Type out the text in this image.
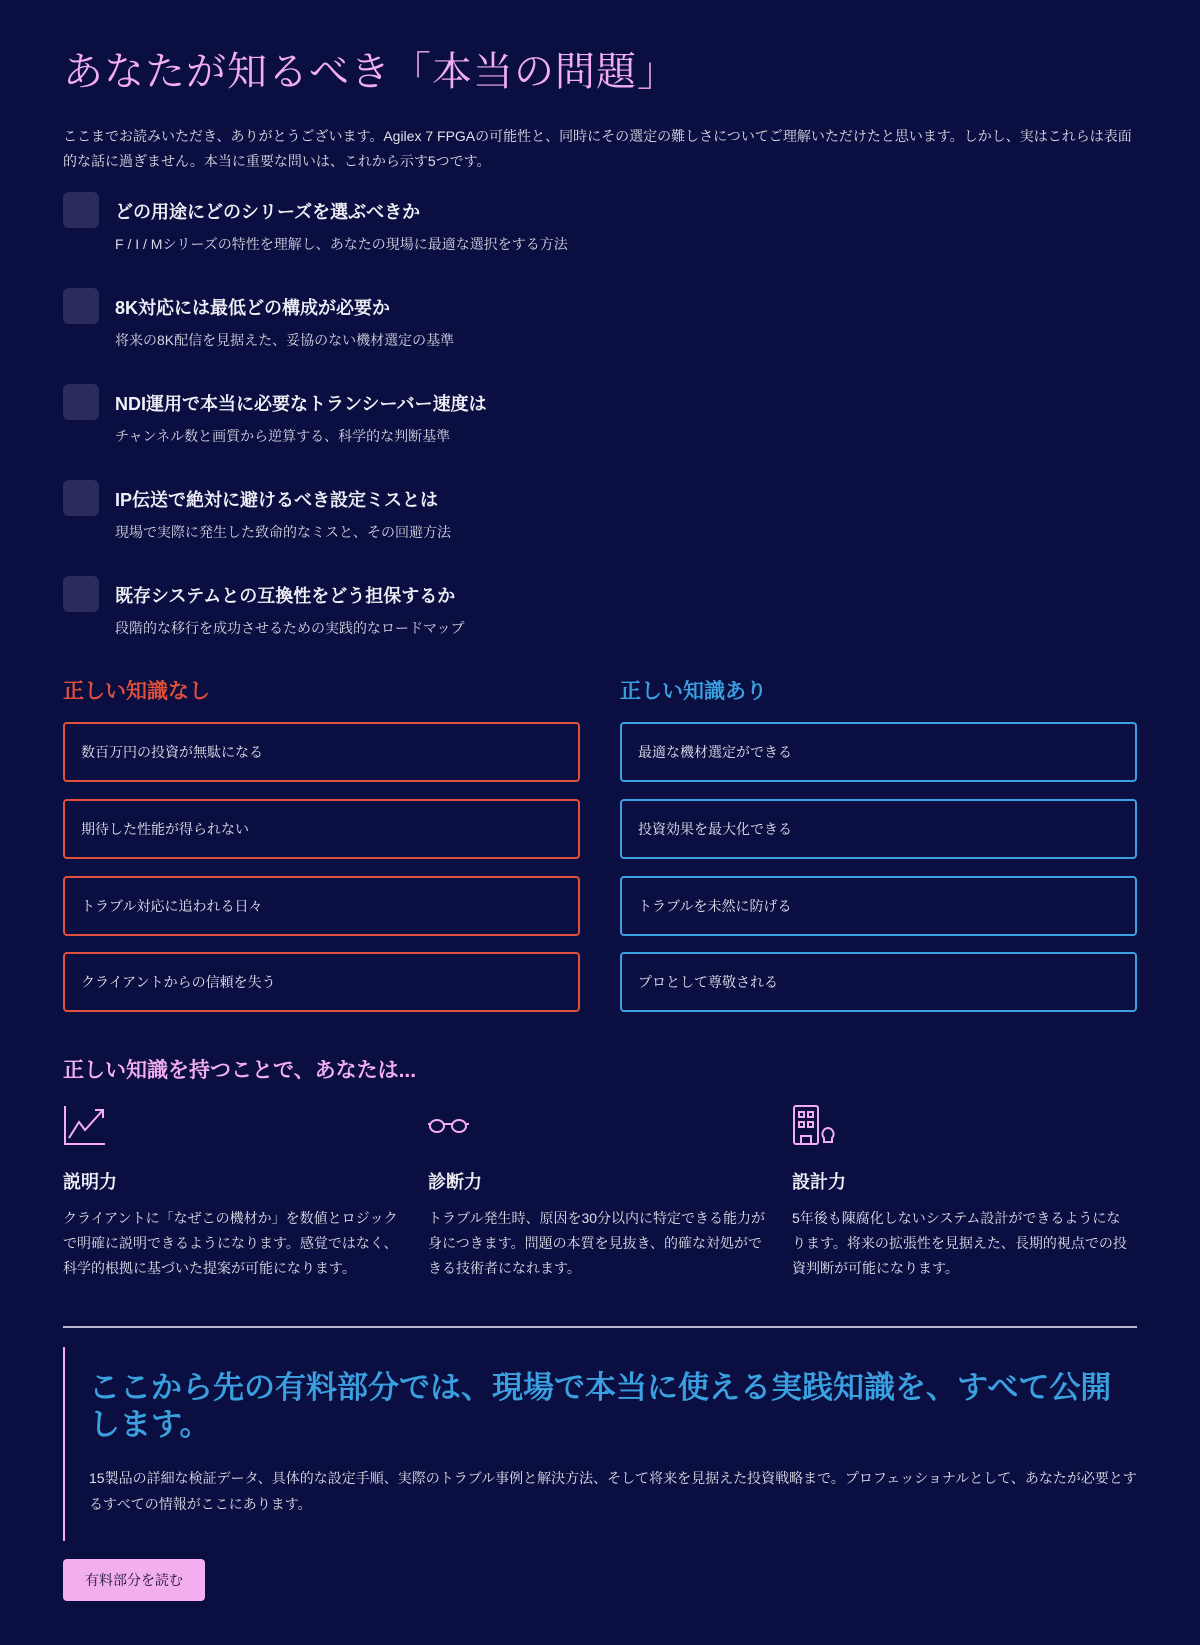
あなたが知るべき「本当の問題」

ここまでお読みいただき、ありがとうございます。Agilex 7 FPGAの可能性と、同時にその選定の難しさについてご理解いただけたと思います。しかし、実はこれらは表面的な話に過ぎません。本当に重要な問いは、これから示す5つです。

どの用途にどのシリーズを選ぶべきか
F / I / Mシリーズの特性を理解し、あなたの現場に最適な選択をする方法
8K対応には最低どの構成が必要か
将来の8K配信を見据えた、妥協のない機材選定の基準
NDI運用で本当に必要なトランシーバー速度は
チャンネル数と画質から逆算する、科学的な判断基準
IP伝送で絶対に避けるべき設定ミスとは
現場で実際に発生した致命的なミスと、その回避方法
既存システムとの互換性をどう担保するか
段階的な移行を成功させるための実践的なロードマップ
正しい知識なし	正しい知識あり
数百万円の投資が無駄になる
期待した性能が得られない
トラブル対応に追われる日々
クライアントからの信頼を失う
最適な機材選定ができる
投資効果を最大化できる
トラブルを未然に防げる
プロとして尊敬される
正しい知識を持つことで、あなたは...
説明力
クライアントに「なぜこの機材か」を数値とロジックで明確に説明できるようになります。感覚ではなく、科学的根拠に基づいた提案が可能になります。
診断力
トラブル発生時、原因を30分以内に特定できる能力が身につきます。問題の本質を見抜き、的確な対処ができる技術者になれます。
設計力
5年後も陳腐化しないシステム設計ができるようになります。将来の拡張性を見据えた、長期的視点での投資判断が可能になります。
ここから先の有料部分では、現場で本当に使える実践知識を、すべて公開します。
15製品の詳細な検証データ、具体的な設定手順、実際のトラブル事例と解決方法、そして将来を見据えた投資戦略まで。プロフェッショナルとして、あなたが必要とするすべての情報がここにあります。
有料部分を読む
